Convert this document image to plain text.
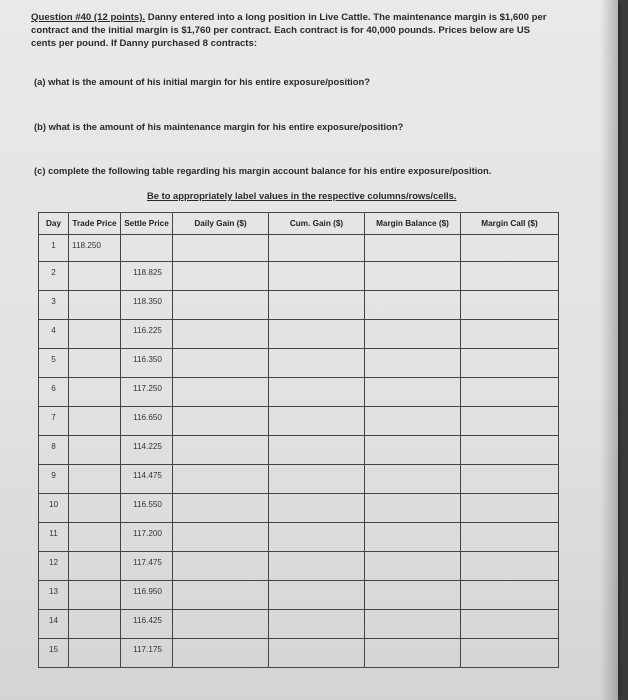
Question #40 (12 points). Danny entered into a long position in Live Cattle. The maintenance margin is $1,600 per contract and the initial margin is $1,760 per contract. Each contract is for 40,000 pounds. Prices below are US cents per pound. If Danny purchased 8 contracts:
(a) what is the amount of his initial margin for his entire exposure/position?
(b) what is the amount of his maintenance margin for his entire exposure/position?
(c) complete the following table regarding his margin account balance for his entire exposure/position.
Be to appropriately label values in the respective columns/rows/cells.
Day	Trade Price	Settle Price	Daily Gain ($)	Cum. Gain ($)	Margin Balance ($)	Margin Call ($)

1	118.250					

2		118.825				

3		118.350				

4		116.225				

5		116.350				

6		117.250				

7		116.650				

8		114.225				

9		114.475				

10		116.550				

11		117.200				

12		117.475				

13		116.950				

14		116.425				

15		117.175				
